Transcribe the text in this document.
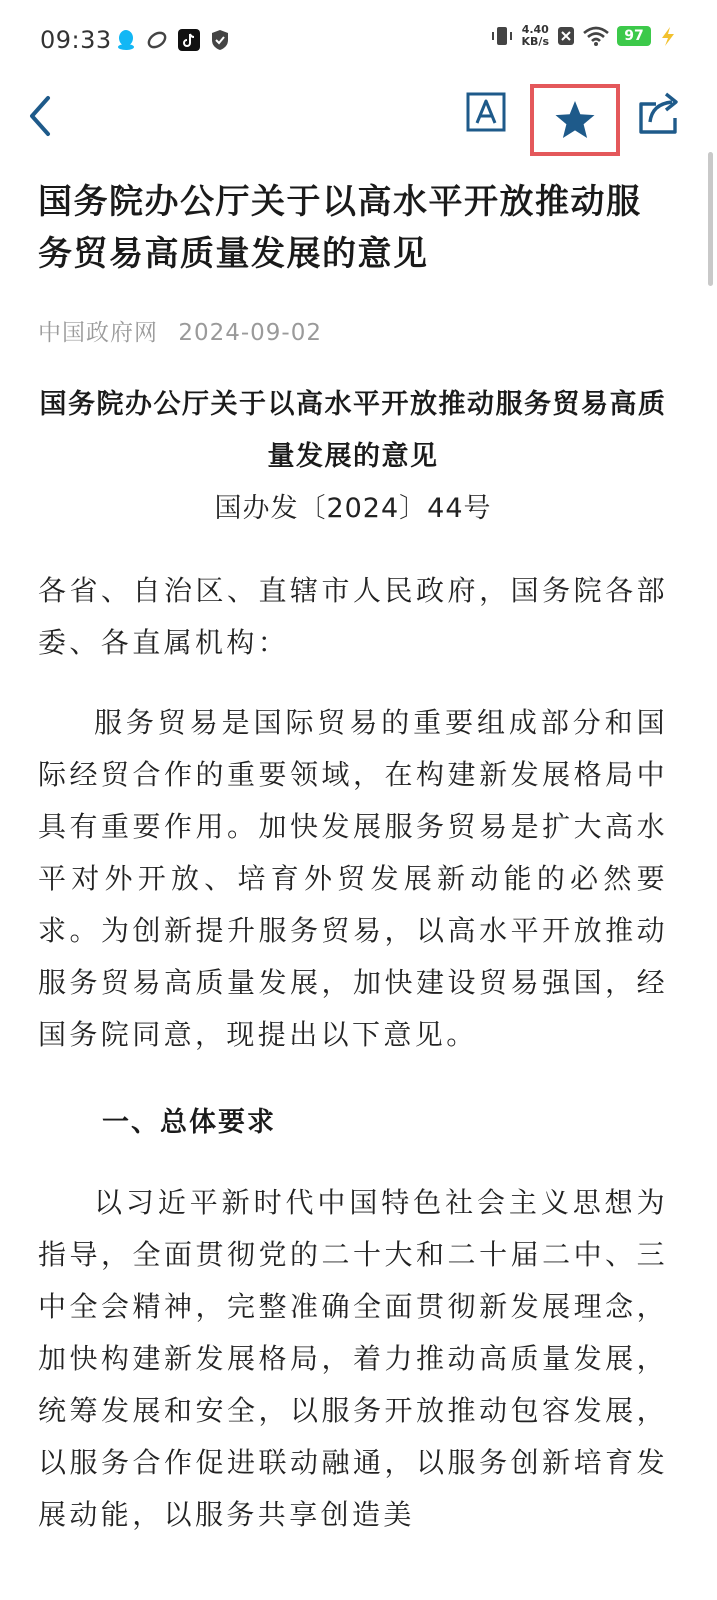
09:33	4.40
KB/s	97
国务院办公厅关于以高水平开放推动服务贸易高质量发展的意见
中国政府网 2024-09-02
国务院办公厅关于以高水平开放推动服务贸易高质量发展的意见
国办发〔2024〕44号

各省、自治区、直辖市人民政府，国务院各部委、各直属机构：

服务贸易是国际贸易的重要组成部分和国际经贸合作的重要领域，在构建新发展格局中具有重要作用。加快发展服务贸易是扩大高水平对外开放、培育外贸发展新动能的必然要求。为创新提升服务贸易，以高水平开放推动服务贸易高质量发展，加快建设贸易强国，经国务院同意，现提出以下意见。

一、总体要求

以习近平新时代中国特色社会主义思想为指导，全面贯彻党的二十大和二十届二中、三中全会精神，完整准确全面贯彻新发展理念，加快构建新发展格局，着力推动高质量发展，统筹发展和安全，以服务开放推动包容发展，以服务合作促进联动融通，以服务创新培育发展动能，以服务共享创造美
